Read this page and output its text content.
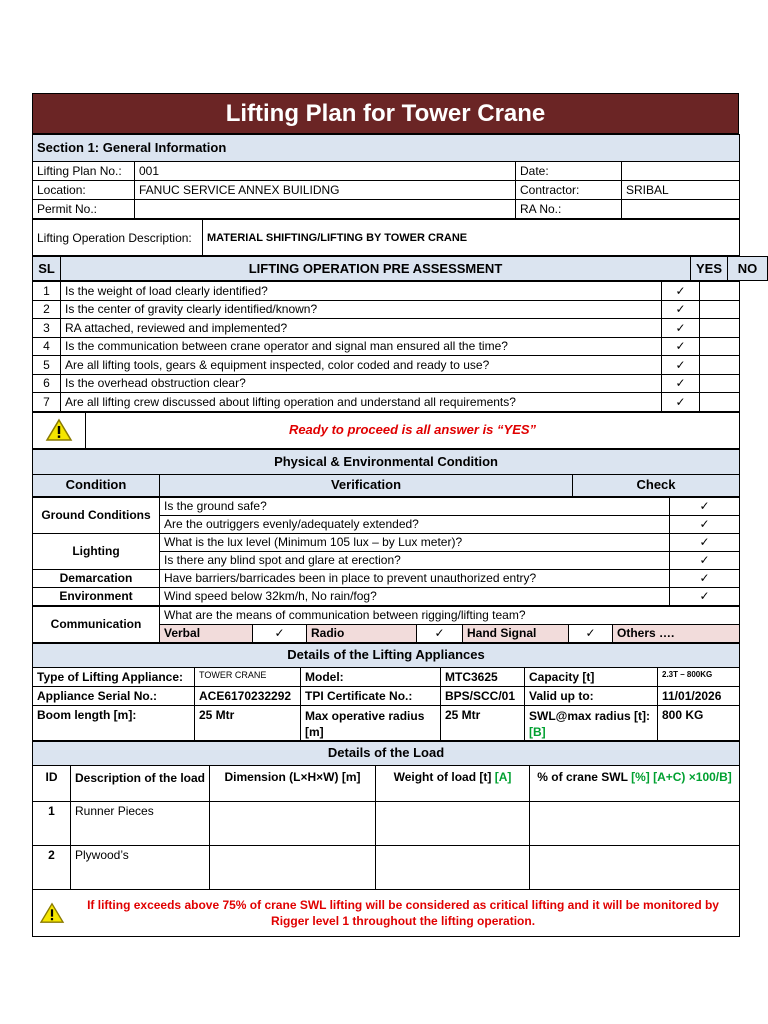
Lifting Plan for Tower Crane
Section 1: General Information			
Lifting Plan No.:	001	Date:	
Location:	FANUC SERVICE ANNEX BUILIDNG	Contractor:	SRIBAL
Permit No.:		RA No.:	
Lifting Operation Description:	MATERIAL SHIFTING/LIFTING BY TOWER CRANE
SL	LIFTING OPERATION PRE ASSESSMENT	YES	NO
1	Is the weight of load clearly identified?	✓	
2	Is the center of gravity clearly identified/known?	✓	
3	RA attached, reviewed and implemented?	✓	
4	Is the communication between crane operator and signal man ensured all the time?	✓	
5	Are all lifting tools, gears & equipment inspected, color coded and ready to use?	✓	
6	Is the overhead obstruction clear?	✓	
7	Are all lifting crew discussed about lifting operation and understand all requirements?	✓	
	Ready to proceed is all answer is “YES”
Physical & Environmental Condition
Condition	Verification	Check
Ground Conditions	Is the ground safe?	✓
	Are the outriggers evenly/adequately extended?	✓
Lighting	What is the lux level (Minimum 105 lux – by Lux meter)?	✓
	Is there any blind spot and glare at erection?	✓
Demarcation	Have barriers/barricades been in place to prevent unauthorized entry?	✓
Environment	Wind speed below 32km/h, No rain/fog?	✓
Communication	What are the means of communication between rigging/lifting team?						
	Verbal	✓	Radio	✓	Hand Signal	✓	Others ….
Details of the Lifting Appliances					
Type of Lifting Appliance:	TOWER CRANE	Model:	MTC3625	Capacity [t]	2.3T – 800KG
Appliance Serial No.:	ACE6170232292	TPI Certificate No.:	BPS/SCC/01	Valid up to:	11/01/2026
Boom length [m]:	25 Mtr	Max operative radius [m]	25 Mtr	SWL@max radius [t]: [B]	800 KG
Details of the Load				
ID	Description of the load	Dimension (L×H×W) [m]	Weight of load [t] [A]	% of crane SWL [%] [A+C) ×100/B]
1	Runner Pieces			
2	Plywood’s			

If lifting exceeds above 75% of crane SWL lifting will be considered as critical lifting and it will be monitored by Rigger level 1 throughout the lifting operation.				
